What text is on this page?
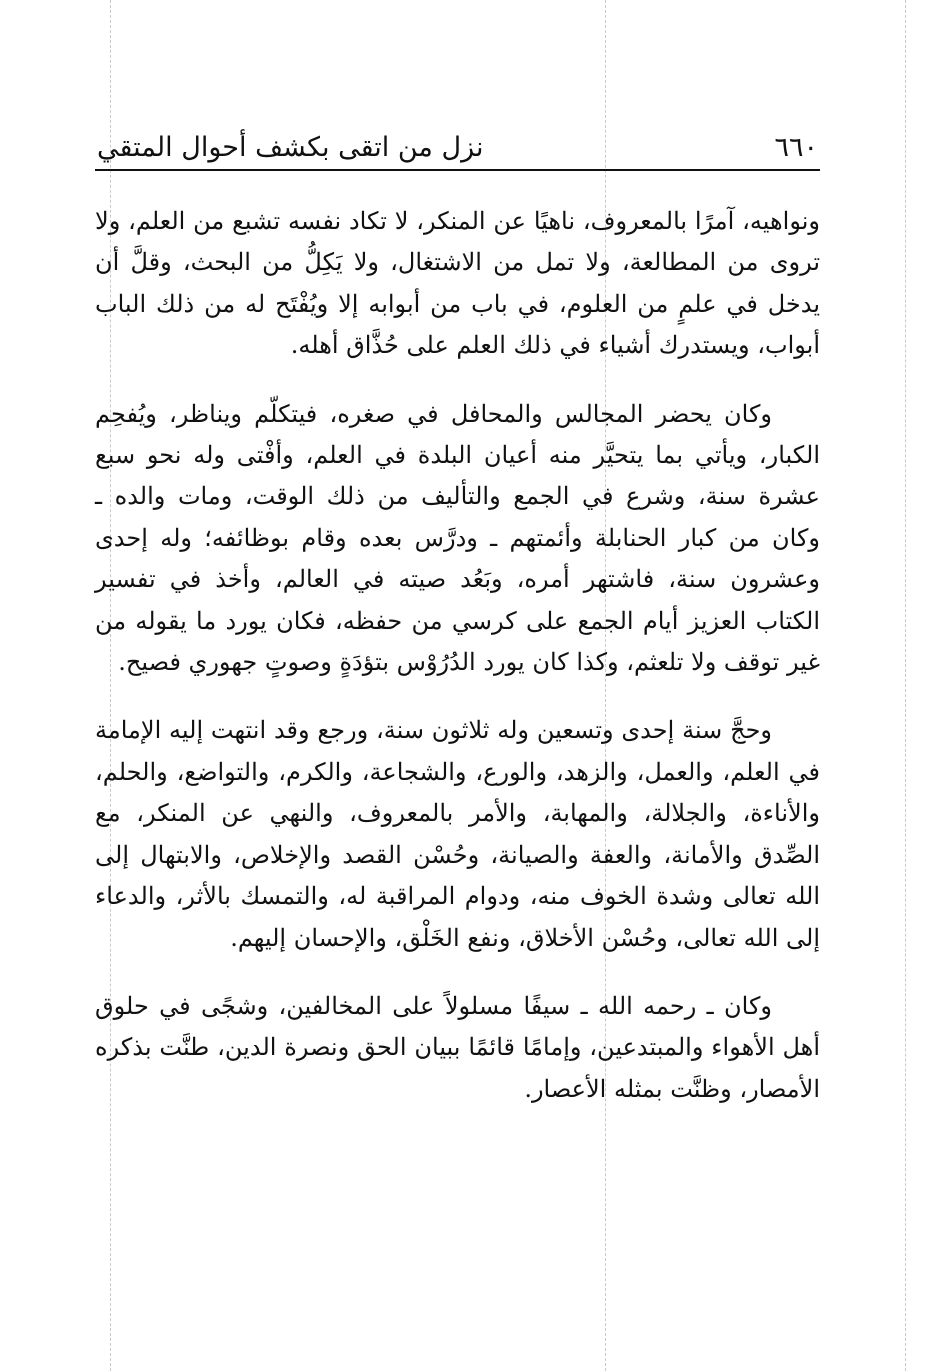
٦٦٠
نزل من اتقى بكشف أحوال المتقي

ونواهيه، آمرًا بالمعروف، ناهيًا عن المنكر، لا تكاد نفسه تشبع من العلم، ولا تروى من المطالعة، ولا تمل من الاشتغال، ولا يَكِلُّ من البحث، وقلَّ أن يدخل في علمٍ من العلوم، في باب من أبوابه إلا ويُفْتَح له من ذلك الباب أبواب، ويستدرك أشياء في ذلك العلم على حُذَّاق أهله.

وكان يحضر المجالس والمحافل في صغره، فيتكلّم ويناظر، ويُفحِم الكبار، ويأتي بما يتحيَّر منه أعيان البلدة في العلم، وأفْتى وله نحو سبع عشرة سنة، وشرع في الجمع والتأليف من ذلك الوقت، ومات والده ـ وكان من كبار الحنابلة وأئمتهم ـ ودرَّس بعده وقام بوظائفه؛ وله إحدى وعشرون سنة، فاشتهر أمره، وبَعُد صيته في العالم، وأخذ في تفسير الكتاب العزيز أيام الجمع على كرسي من حفظه، فكان يورد ما يقوله من غير توقف ولا تلعثم، وكذا كان يورد الدُرُوْس بتؤدَةٍ وصوتٍ جهوري فصيح.

وحجَّ سنة إحدى وتسعين وله ثلاثون سنة، ورجع وقد انتهت إليه الإمامة في العلم، والعمل، والزهد، والورع، والشجاعة، والكرم، والتواضع، والحلم، والأناءة، والجلالة، والمهابة، والأمر بالمعروف، والنهي عن المنكر، مع الصِّدق والأمانة، والعفة والصيانة، وحُسْن القصد والإخلاص، والابتهال إلى الله تعالى وشدة الخوف منه، ودوام المراقبة له، والتمسك بالأثر، والدعاء إلى الله تعالى، وحُسْن الأخلاق، ونفع الخَلْق، والإحسان إليهم.

وكان ـ رحمه الله ـ سيفًا مسلولاً على المخالفين، وشجًى في حلوق أهل الأهواء والمبتدعين، وإمامًا قائمًا ببيان الحق ونصرة الدين، طنَّت بذكره الأمصار، وظنَّت بمثله الأعصار.
